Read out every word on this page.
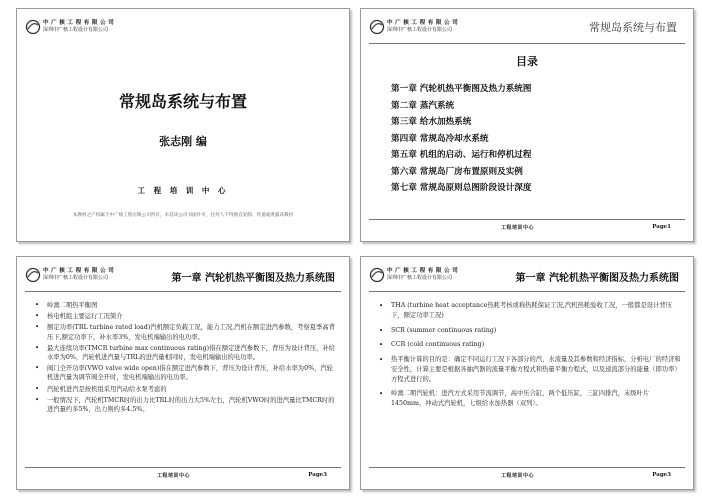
中 广 核 工 程 有 限 公 司
深圳中广核工程设计有限公司
常规岛系统与布置
张志刚 编
工 程 培 训 中 心
本教材之产权属于中广核工程有限公司所有，未获该公司书面许可，任何人不得擅自复制、传递或泄露该教材
中 广 核 工 程 有 限 公 司
深圳中广核工程设计有限公司	常规岛系统与布置
目录
第一章 汽轮机热平衡图及热力系统图
第二章 蒸汽系统
第三章 给水加热系统
第四章 常规岛冷却水系统
第五章 机组的启动、运行和停机过程
第六章 常规岛厂房布置原则及实例
第七章 常规岛原则总图阶段设计深度
工程培训中心	Page1
中 广 核 工 程 有 限 公 司
深圳中广核工程设计有限公司	第一章 汽轮机热平衡图及热力系统图
• 岭澳二期热平衡图
• 核电机组主要运行工况简介
• 额定功率(TRL turbine rated load)汽机额定负载工况，能力工况,汽机在额定进汽参数，考察夏季高背压下,额定功率下，补水率3%，发电机端输出的电功率。
• 最大连续功率(TMCR turbine max continuous rating)指在额定进汽参数下，背压为设计背压，补给水率为0%，汽轮机进汽量与TRL的进汽量相同时，发电机端输出的电功率。
• 阀门全开功率(VWO valve wide open)指在额定进汽参数下，背压为设计背压，补给水率为0%，汽轮机进汽量为调节阀全开时，发电机端输出的电功率。
• 汽轮机进汽是按机组采用汽动给水泵考虑的
• 一般情况下，汽轮机TMCR时的出力比TRL时的出力大5%左右，汽轮机VWO时的进汽量比TMCR时的进汽量约多5%，出力则约多4.5%。
工程培训中心	Page3
中 广 核 工 程 有 限 公 司
深圳中广核工程设计有限公司	第一章 汽轮机热平衡图及热力系统图
• THA (turbine heat acceptance热耗考核或称热耗保证工况,汽机热耗验收工况，一般都是设计背压下，额定功率工况)
• SCR (summer continuous rating)
• CCR (cold continuous rating)
• 热平衡计算的目的是：确定不同运行工况下各部分的汽、水流量及其参数和经济指标，分析电厂的经济和安全性，计算主要是根据各抽汽器的流量平衡方程式和热量平衡方程式，以及递流部分的能量（即功率）方程式进行的。
• 岭澳二期汽轮机：进汽方式采用节流调节，高中压合缸，两个低压缸，三缸四排汽，末级叶片1450mm，冲动式汽轮机，七级给水加热器（双列）。
工程培训中心	Page3
